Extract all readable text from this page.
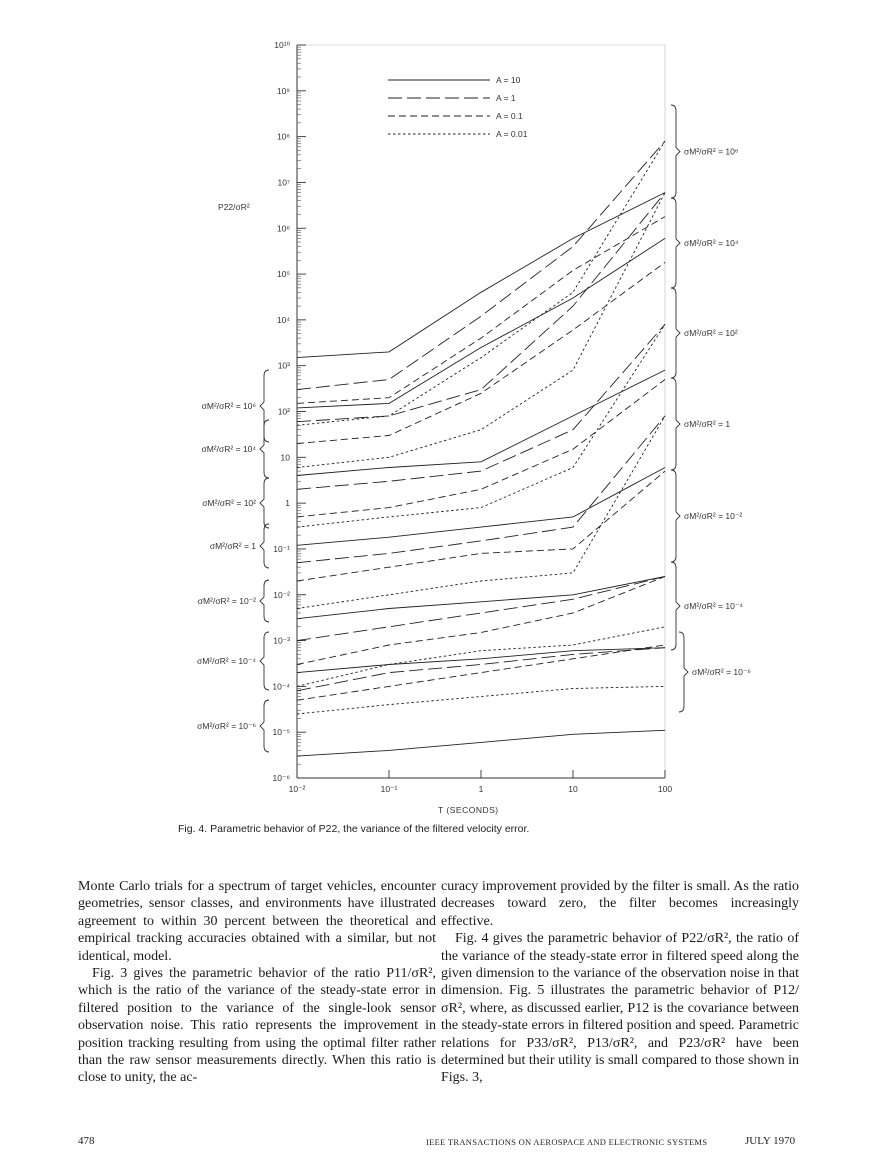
10¹⁰
10⁹
10⁸
10⁷
10⁶
10⁵
10⁴
10³
10²
10
1
10⁻¹
10⁻²
10⁻³
10⁻⁴
10⁻⁵
10⁻⁶
10⁻²	10⁻¹	1	10	100
A = 10
A = 1
A = 0.1
A = 0.01
σM²/σR² = 10⁶
σM²/σR² = 10⁴
σM²/σR² = 10²
σM²/σR² = 1
σM²/σR² = 10⁻²
σM²/σR² = 10⁻⁴
σM²/σR² = 10⁻⁶
σM²/σR² = 10⁶
σM²/σR² = 10⁴
σM²/σR² = 10²
σM²/σR² = 1
σM²/σR² = 10⁻²
σM²/σR² = 10⁻⁴
σM²/σR² = 10⁻⁶
P22/σR²
T (SECONDS)
Fig. 4. Parametric behavior of P22, the variance of the filtered velocity error.

Monte Carlo trials for a spectrum of target vehicles, encounter geometries, sensor classes, and environments have illustrated agreement to within 30 percent between the theoretical and empirical tracking accuracies obtained with a similar, but not identical, model.

Fig. 3 gives the parametric behavior of the ratio P11/σR², which is the ratio of the variance of the steady-state error in filtered position to the variance of the single-look sensor observation noise. This ratio represents the improvement in position tracking resulting from using the optimal filter rather than the raw sensor measurements directly. When this ratio is close to unity, the ac-

curacy improvement provided by the filter is small. As the ratio decreases toward zero, the filter becomes increasingly effective.

Fig. 4 gives the parametric behavior of P22/σR², the ratio of the variance of the steady-state error in filtered speed along the given dimension to the variance of the observation noise in that dimension. Fig. 5 illustrates the parametric behavior of P12/σR², where, as discussed earlier, P12 is the covariance between the steady-state errors in filtered position and speed. Parametric relations for P33/σR², P13/σR², and P23/σR² have been determined but their utility is small compared to those shown in Figs. 3,

478	IEEE TRANSACTIONS ON AEROSPACE AND ELECTRONIC SYSTEMS	JULY 1970
